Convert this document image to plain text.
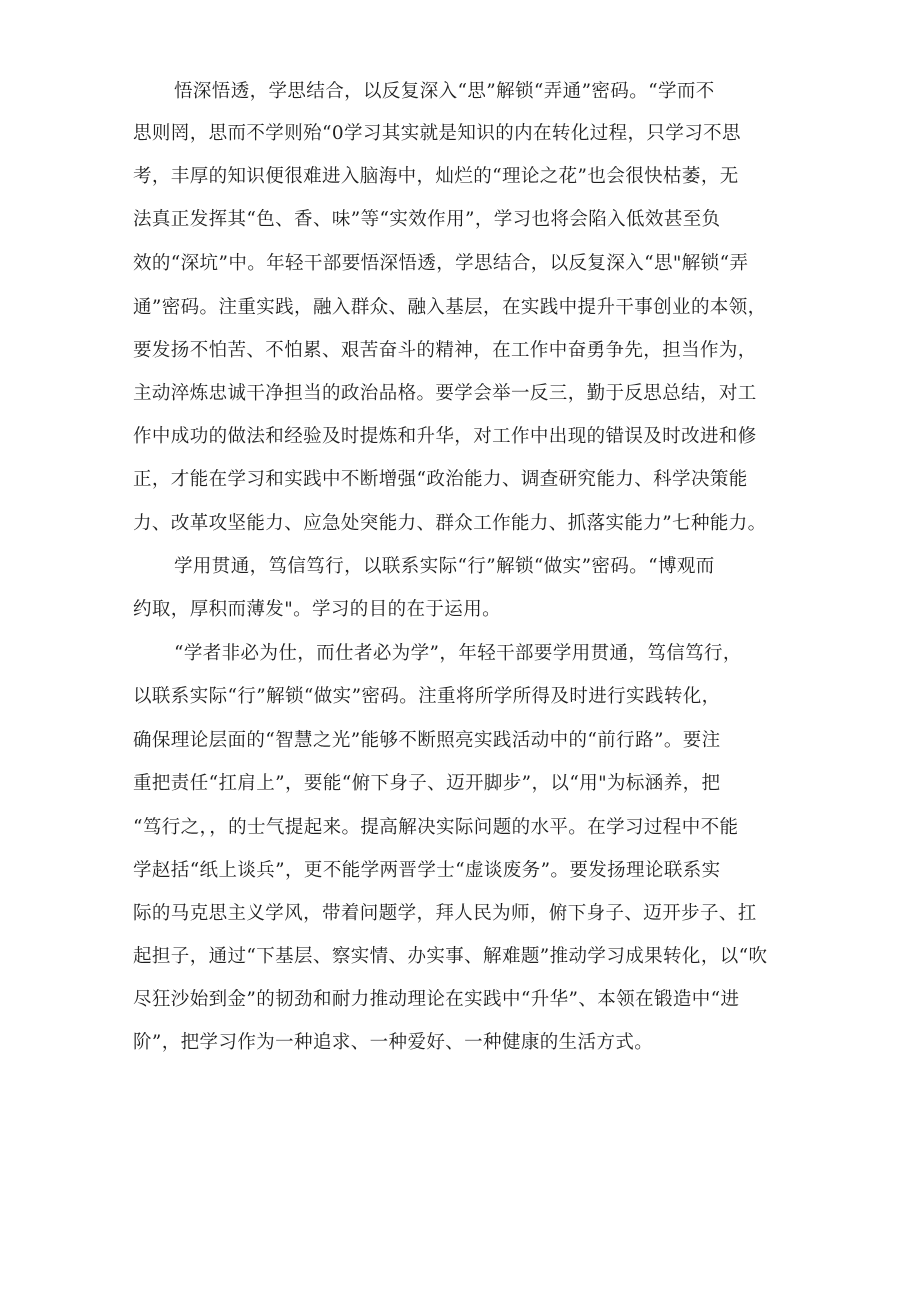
悟深悟透，学思结合，以反复深入“思”解锁“弄通”密码。“学而不
思则罔，思而不学则殆“0学习其实就是知识的内在转化过程，只学习不思
考，丰厚的知识便很难进入脑海中，灿烂的“理论之花”也会很快枯萎，无
法真正发挥其“色、香、味”等“实效作用”，学习也将会陷入低效甚至负
效的“深坑”中。年轻干部要悟深悟透，学思结合，以反复深入“思"解锁“弄
通”密码。注重实践，融入群众、融入基层，在实践中提升干事创业的本领，
要发扬不怕苦、不怕累、艰苦奋斗的精神，在工作中奋勇争先，担当作为，
主动淬炼忠诚干净担当的政治品格。要学会举一反三，勤于反思总结，对工
作中成功的做法和经验及时提炼和升华，对工作中出现的错误及时改进和修
正，才能在学习和实践中不断增强“政治能力、调查研究能力、科学决策能
力、改革攻坚能力、应急处突能力、群众工作能力、抓落实能力”七种能力。
学用贯通，笃信笃行，以联系实际“行”解锁“做实”密码。“博观而
约取，厚积而薄发"。学习的目的在于运用。
“学者非必为仕，而仕者必为学”，年轻干部要学用贯通，笃信笃行，
以联系实际“行”解锁“做实”密码。注重将所学所得及时进行实践转化，
确保理论层面的“智慧之光”能够不断照亮实践活动中的“前行路”。要注
重把责任“扛肩上”，要能“俯下身子、迈开脚步”，以“用"为标涵养，把
“笃行之，，的士气提起来。提高解决实际问题的水平。在学习过程中不能
学赵括“纸上谈兵”，更不能学两晋学士“虚谈废务”。要发扬理论联系实
际的马克思主义学风，带着问题学，拜人民为师，俯下身子、迈开步子、扛
起担子，通过“下基层、察实情、办实事、解难题”推动学习成果转化，以“吹
尽狂沙始到金”的韧劲和耐力推动理论在实践中“升华”、本领在锻造中“进
阶”，把学习作为一种追求、一种爱好、一种健康的生活方式。
